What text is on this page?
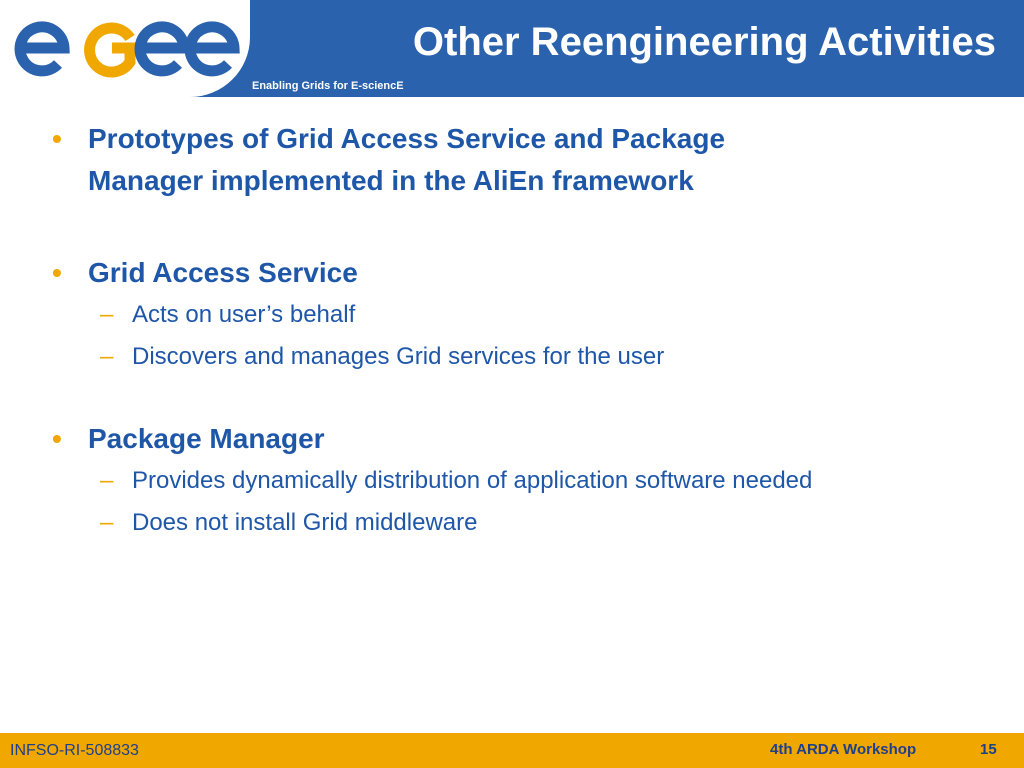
Enabling Grids for E-sciencE
Other Reengineering Activities
• Prototypes of Grid Access Service and Package
Manager implemented in the AliEn framework
• Grid Access Service
– Acts on user’s behalf
– Discovers and manages Grid services for the user
• Package Manager
– Provides dynamically distribution of application software needed
– Does not install Grid middleware
INFSO-RI-508833	4th ARDA Workshop	15
